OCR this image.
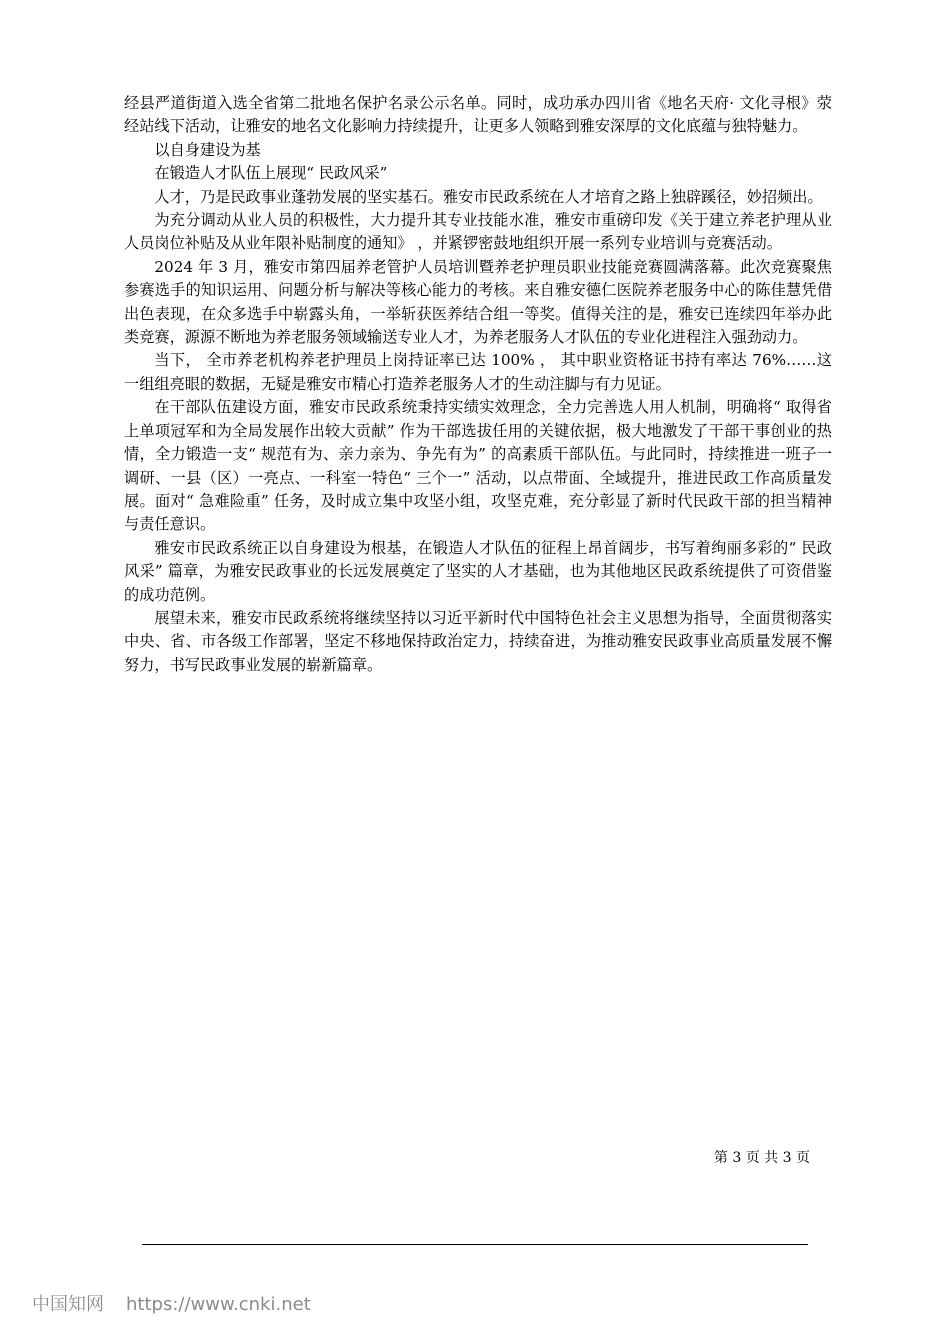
经县严道街道入选全省第二批地名保护名录公示名单。同时，成功承办四川省《地名天府· 文化寻根》荥经站线下活动，让雅安的地名文化影响力持续提升，让更多人领略到雅安深厚的文化底蕴与独特魅力。

以自身建设为基

在锻造人才队伍上展现“ 民政风采”

人才，乃是民政事业蓬勃发展的坚实基石。雅安市民政系统在人才培育之路上独辟蹊径，妙招频出。

为充分调动从业人员的积极性，大力提升其专业技能水准，雅安市重磅印发《关于建立养老护理从业人员岗位补贴及从业年限补贴制度的通知》 ，并紧锣密鼓地组织开展一系列专业培训与竞赛活动。

2024 年 3 月，雅安市第四届养老管护人员培训暨养老护理员职业技能竞赛圆满落幕。此次竞赛聚焦参赛选手的知识运用、问题分析与解决等核心能力的考核。来自雅安德仁医院养老服务中心的陈佳慧凭借出色表现，在众多选手中崭露头角，一举斩获医养结合组一等奖。值得关注的是，雅安已连续四年举办此类竞赛，源源不断地为养老服务领域输送专业人才，为养老服务人才队伍的专业化进程注入强劲动力。

当下， 全市养老机构养老护理员上岗持证率已达 100% ， 其中职业资格证书持有率达 76%……这一组组亮眼的数据，无疑是雅安市精心打造养老服务人才的生动注脚与有力见证。

在干部队伍建设方面，雅安市民政系统秉持实绩实效理念，全力完善选人用人机制，明确将“ 取得省上单项冠军和为全局发展作出较大贡献” 作为干部选拔任用的关键依据，极大地激发了干部干事创业的热情，全力锻造一支“ 规范有为、亲力亲为、争先有为” 的高素质干部队伍。与此同时，持续推进一班子一调研、一县（区）一亮点、一科室一特色“ 三个一” 活动，以点带面、全域提升，推进民政工作高质量发展。面对“ 急难险重” 任务，及时成立集中攻坚小组，攻坚克难，充分彰显了新时代民政干部的担当精神与责任意识。

雅安市民政系统正以自身建设为根基，在锻造人才队伍的征程上昂首阔步，书写着绚丽多彩的“ 民政风采” 篇章，为雅安民政事业的长远发展奠定了坚实的人才基础，也为其他地区民政系统提供了可资借鉴的成功范例。

展望未来，雅安市民政系统将继续坚持以习近平新时代中国特色社会主义思想为指导，全面贯彻落实中央、省、市各级工作部署，坚定不移地保持政治定力，持续奋进，为推动雅安民政事业高质量发展不懈努力，书写民政事业发展的崭新篇章。

第 3 页 共 3 页
中国知网 https://www.cnki.net
